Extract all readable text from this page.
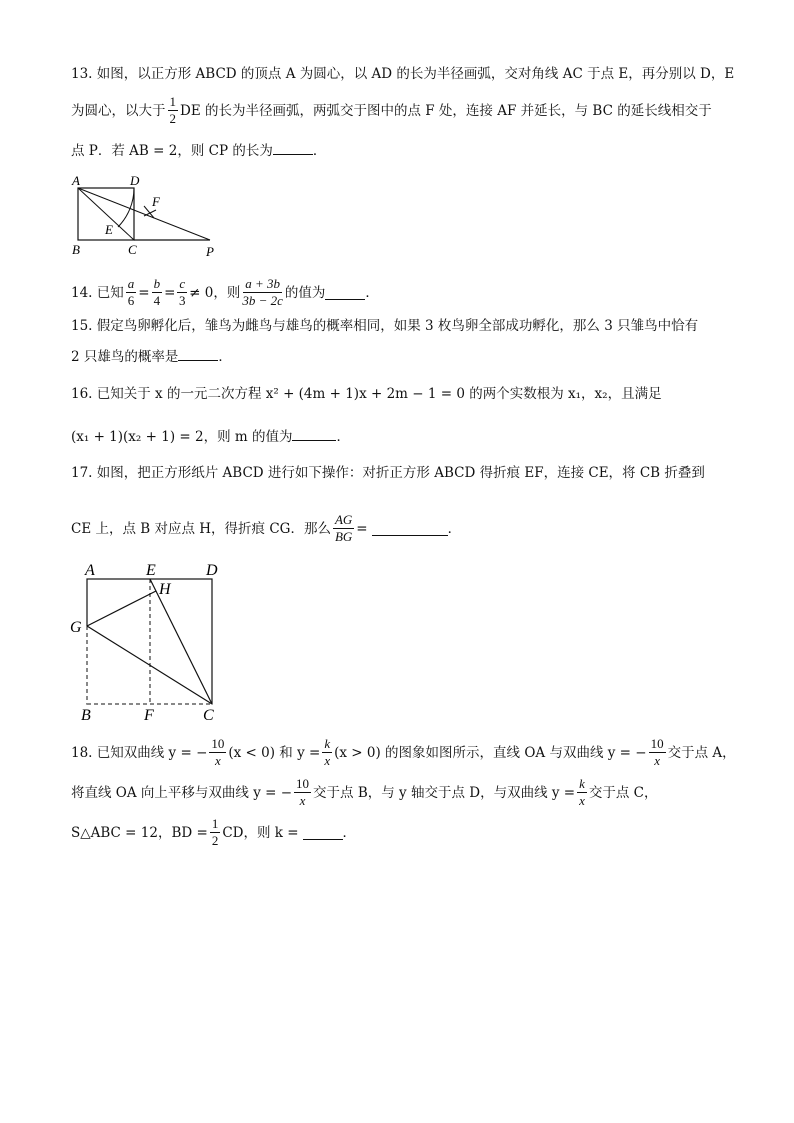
13. 如图，以正方形 ABCD 的顶点 A 为圆心，以 AD 的长为半径画弧，交对角线 AC 于点 E，再分别以 D，E
为圆心，以大于 $\frac{1}{2}$ DE 的长为半径画弧，两弧交于图中的点 F 处，连接 AF 并延长，与 BC 的延长线相交于
点 P．若 AB = 2，则 CP 的长为	．
A	D
F
E
B	C	P
14. 已知 $\frac{a}{6} = \frac{b}{4} = \frac{c}{3} \ne 0$，则 $\frac{a + 3b}{3b - 2c}$ 的值为	．
15. 假定鸟卵孵化后，雏鸟为雌鸟与雄鸟的概率相同，如果 3 枚鸟卵全部成功孵化，那么 3 只雏鸟中恰有
2 只雄鸟的概率是	．
16. 已知关于 x 的一元二次方程 x² + (4m + 1)x + 2m − 1 = 0 的两个实数根为 x₁，x₂，且满足
(x₁ + 1)(x₂ + 1) = 2，则 m 的值为	．
17. 如图，把正方形纸片 ABCD 进行如下操作：对折正方形 ABCD 得折痕 EF，连接 CE，将 CB 折叠到
CE 上，点 B 对应点 H，得折痕 CG．那么 $\frac{AG}{BG}$ =	．
A	E	D
H
G
B	F	C
18. 已知双曲线 y = − $\frac{10}{x} (x < 0)$ 和 $y = \frac{k}{x} (x > 0)$ 的图象如图所示，直线 OA 与双曲线 y = − $\frac{10}{x}$ 交于点 A，
将直线 OA 向上平移与双曲线 y = − $\frac{10}{x}$ 交于点 B，与 y 轴交于点 D，与双曲线 $y = \frac{k}{x}$ 交于点 C，
S△ABC = 12，BD = $\frac{1}{2}$ CD，则 k =	．
